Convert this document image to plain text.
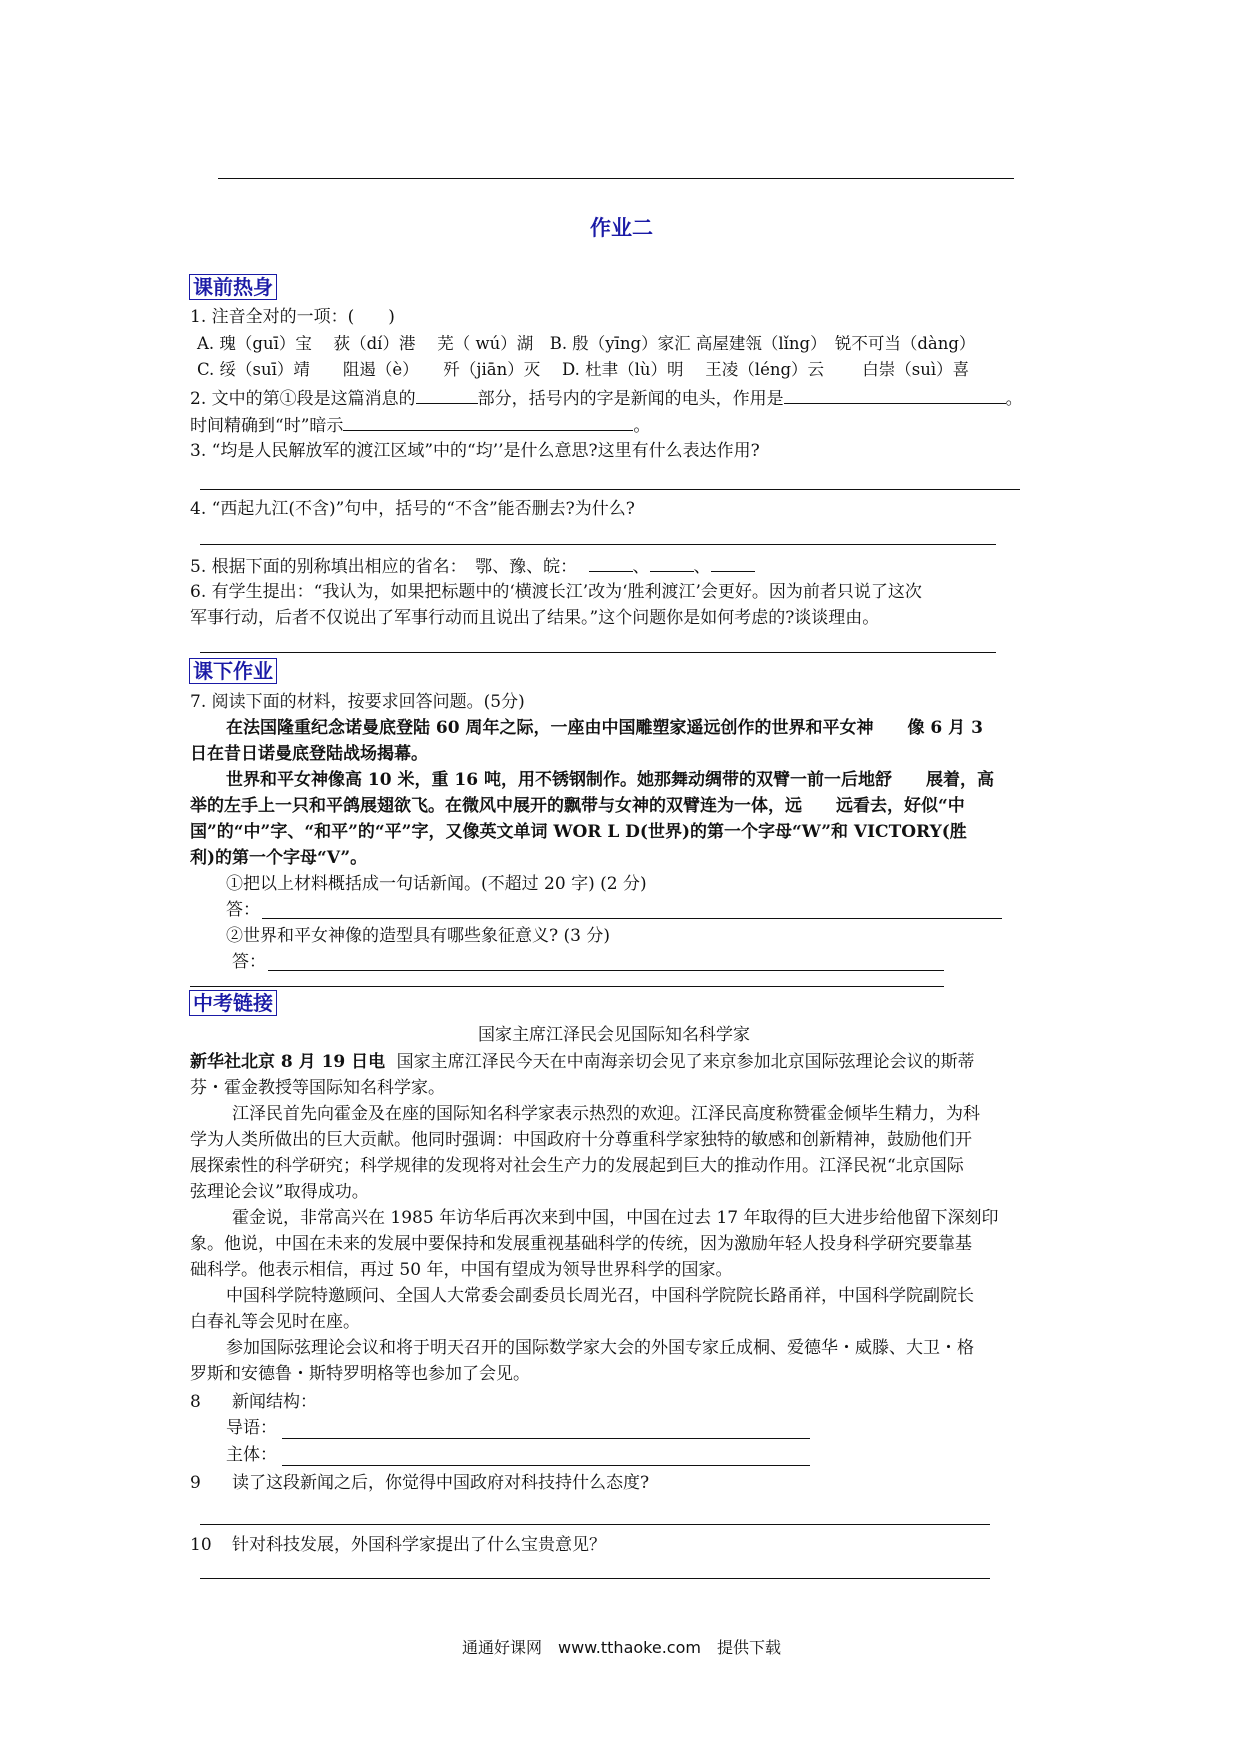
作业二
课前热身
1. 注音全对的一项：(　　)
A. 瑰（guī）宝　 荻（dí）港　 芜（ wú）湖　B. 殷（yīng）家汇 高屋建瓴（lǐng）　锐不可当（dàng）
C. 绥（suī）靖　　阻遏（è）　　歼（jiān）灭　 D. 杜聿（lù）明　 王凌（léng）云　　 白崇（suì）喜
2. 文中的第①段是这篇消息的	部分，括号内的字是新闻的电头，作用是	。
时间精确到“时”暗示	。
3. “均是人民解放军的渡江区域”中的“均’’是什么意思?这里有什么表达作用?
4. “西起九江(不含)”句中，括号的“不含”能否删去?为什么?
5. 根据下面的别称填出相应的省名：　鄂、豫、皖：	、	、
6. 有学生提出：“我认为，如果把标题中的‘横渡长江’改为‘胜利渡江’会更好。因为前者只说了这次
军事行动，后者不仅说出了军事行动而且说出了结果。”这个问题你是如何考虑的?谈谈理由。
课下作业
7. 阅读下面的材料，按要求回答问题。(5分)
在法国隆重纪念诺曼底登陆 60 周年之际，一座由中国雕塑家遥远创作的世界和平女神　　像 6 月 3
日在昔日诺曼底登陆战场揭幕。
世界和平女神像高 10 米，重 16 吨，用不锈钢制作。她那舞动绸带的双臂一前一后地舒　　展着，高
举的左手上一只和平鸽展翅欲飞。在微风中展开的飘带与女神的双臂连为一体，远　　远看去，好似“中
国”的“中”字、“和平”的“平”字，又像英文单词 WOR L D(世界)的第一个字母“W”和 VICTORY(胜
利)的第一个字母“V”。
①把以上材料概括成一句话新闻。(不超过 20 字) (2 分)
答：
②世界和平女神像的造型具有哪些象征意义? (3 分)
答：
中考链接
国家主席江泽民会见国际知名科学家
新华社北京 8 月 19 日电 国家主席江泽民今天在中南海亲切会见了来京参加北京国际弦理论会议的斯蒂
芬・霍金教授等国际知名科学家。
江泽民首先向霍金及在座的国际知名科学家表示热烈的欢迎。江泽民高度称赞霍金倾毕生精力，为科
学为人类所做出的巨大贡献。他同时强调：中国政府十分尊重科学家独特的敏感和创新精神，鼓励他们开
展探索性的科学研究；科学规律的发现将对社会生产力的发展起到巨大的推动作用。江泽民祝“北京国际
弦理论会议”取得成功。
霍金说，非常高兴在 1985 年访华后再次来到中国，中国在过去 17 年取得的巨大进步给他留下深刻印
象。他说，中国在未来的发展中要保持和发展重视基础科学的传统，因为激励年轻人投身科学研究要靠基
础科学。他表示相信，再过 50 年，中国有望成为领导世界科学的国家。
中国科学院特邀顾问、全国人大常委会副委员长周光召，中国科学院院长路甬祥，中国科学院副院长
白春礼等会见时在座。
参加国际弦理论会议和将于明天召开的国际数学家大会的外国专家丘成桐、爱德华・威滕、大卫・格
罗斯和安德鲁・斯特罗明格等也参加了会见。
8 新闻结构：
导语：
主体：
9 读了这段新闻之后，你觉得中国政府对科技持什么态度?
10 针对科技发展，外国科学家提出了什么宝贵意见？
通通好课网　www.tthaoke.com　提供下载
